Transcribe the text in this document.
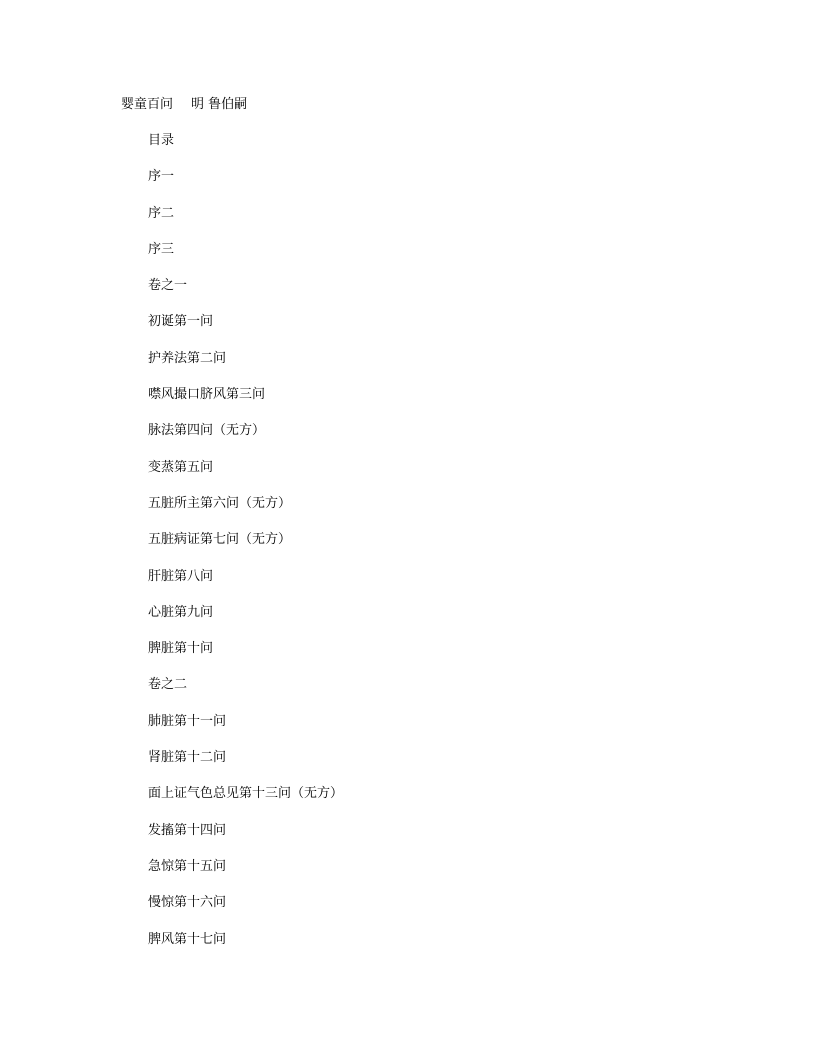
婴童百问 明 鲁伯嗣
目录
序一
序二
序三
卷之一
初诞第一问
护养法第二问
噤风撮口脐风第三问
脉法第四问（无方）
变蒸第五问
五脏所主第六问（无方）
五脏病证第七问（无方）
肝脏第八问
心脏第九问
脾脏第十问
卷之二
肺脏第十一问
肾脏第十二问
面上证气色总见第十三问（无方）
发搐第十四问
急惊第十五问
慢惊第十六问
脾风第十七问
